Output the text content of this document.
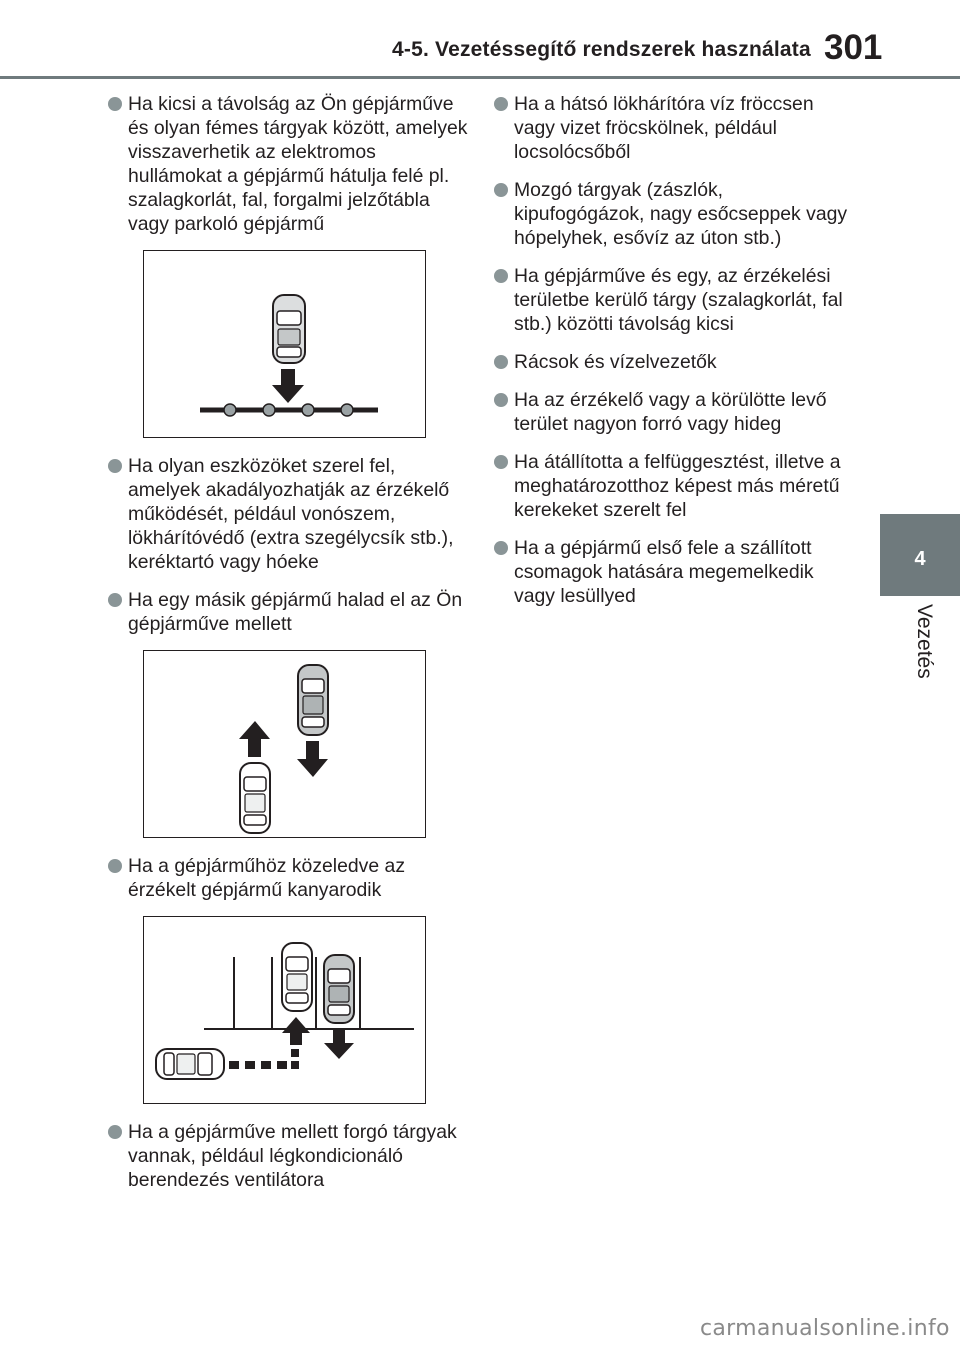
4-5. Vezetéssegítő rendszerek használata 301
4
Vezetés
Ha kicsi a távolság az Ön gépjárműve és olyan fémes tárgyak között, amelyek visszaverhetik az elektromos hullámokat a gépjármű hátulja felé pl. szalagkorlát, fal, forgalmi jelzőtábla vagy parkoló gépjármű
Ha olyan eszközöket szerel fel, amelyek akadályozhatják az érzékelő működését, például vonószem, lökhárítóvédő (extra szegélycsík stb.), keréktartó vagy hóeke
Ha egy másik gépjármű halad el az Ön gépjárműve mellett
Ha a gépjárműhöz közeledve az érzékelt gépjármű kanyarodik
Ha a gépjárműve mellett forgó tárgyak vannak, például légkondicionáló berendezés ventilátora
Ha a hátsó lökhárítóra víz fröccsen vagy vizet fröcskölnek, például locsolócsőből
Mozgó tárgyak (zászlók, kipufogógázok, nagy esőcseppek vagy hópelyhek, esővíz az úton stb.)
Ha gépjárműve és egy, az érzékelési területbe kerülő tárgy (szalagkorlát, fal stb.) közötti távolság kicsi
Rácsok és vízelvezetők
Ha az érzékelő vagy a körülötte levő terület nagyon forró vagy hideg
Ha átállította a felfüggesztést, illetve a meghatározotthoz képest más méretű kerekeket szerelt fel
Ha a gépjármű első fele a szállított csomagok hatására megemelkedik vagy lesüllyed
carmanualsonline.info
